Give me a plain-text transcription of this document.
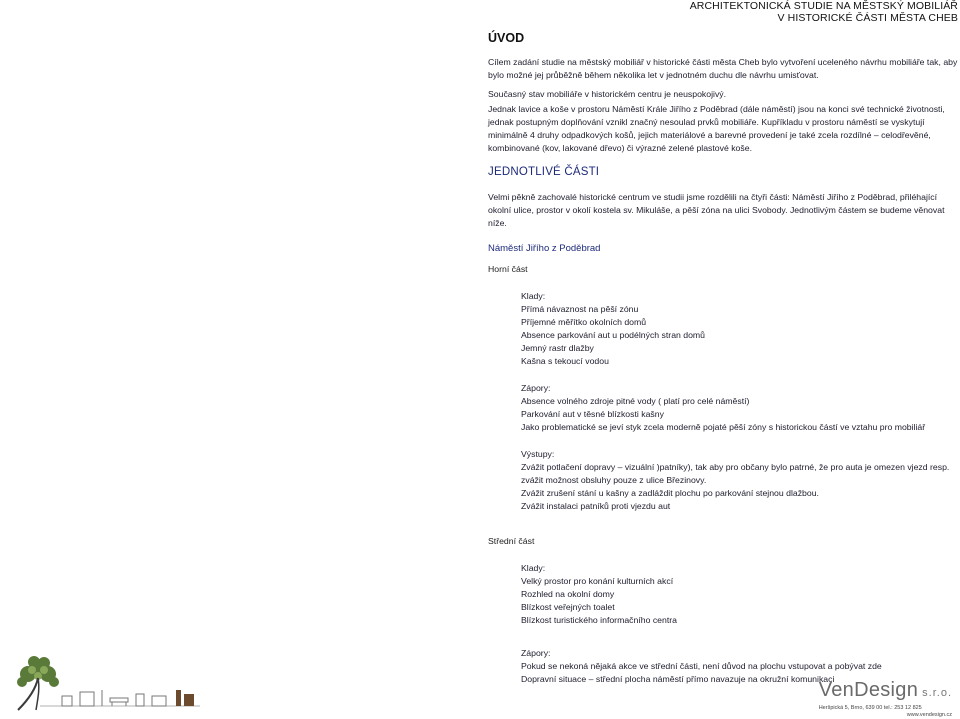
ARCHITEKTONICKÁ STUDIE NA MĚSTSKÝ MOBILIÁŘ
V HISTORICKÉ ČÁSTI MĚSTA CHEB
ÚVOD

Cílem zadání studie na městský mobiliář v historické části města Cheb bylo vytvoření uceleného návrhu mobiliáře tak, aby bylo možné jej průběžně během několika let v jednotném duchu dle návrhu umisťovat.

Současný stav mobiliáře v historickém centru je neuspokojivý.

Jednak lavice a koše v prostoru Náměstí Krále Jiřího z Poděbrad (dále náměstí) jsou na konci své technické životnosti, jednak postupným doplňování vznikl značný nesoulad prvků mobiliáře. Kupříkladu v prostoru náměstí se vyskytují minimálně 4 druhy odpadkových košů, jejich materiálové a barevné provedení je také zcela rozdílné – celodřevěné, kombinované (kov, lakované dřevo) či výrazné zelené plastové koše.

JEDNOTLIVÉ ČÁSTI

Velmi pěkně zachovalé historické centrum ve studii jsme rozdělili na čtyři části: Náměstí Jiřího z Poděbrad, přiléhající okolní ulice, prostor v okolí kostela sv. Mikuláše, a pěší zóna na ulici Svobody. Jednotlivým částem se budeme věnovat níže.

Náměstí Jiřího z Poděbrad
Horní část
Klady:
Přímá návaznost na pěší zónu
Příjemné měřítko okolních domů
Absence parkování aut u podélných stran domů
Jemný rastr dlažby
Kašna s tekoucí vodou
Zápory:
Absence volného zdroje pitné vody ( platí pro celé náměstí)
Parkování aut v těsné blízkosti kašny
Jako problematické se jeví styk zcela moderně pojaté pěší zóny s historickou částí ve vztahu pro mobiliář
Výstupy:
Zvážit potlačení dopravy – vizuální )patníky), tak aby pro občany bylo patrné, že pro auta je omezen vjezd resp. zvážit možnost obsluhy pouze z ulice Březinovy.
Zvážit zrušení stání u kašny a zadláždit plochu po parkování stejnou dlažbou.
Zvážit instalaci patníků proti vjezdu aut
Střední část
Klady:
Velký prostor pro konání kulturních akcí
Rozhled na okolní domy
Blízkost veřejných toalet
Blízkost turistického informačního centra
Zápory:
Pokud se nekoná nějaká akce ve střední části, není důvod na plochu vstupovat a pobývat zde
Dopravní situace – střední plocha náměstí přímo navazuje na okružní komunikaci
VenDesign s.r.o.
Heršpická 5, Brno, 639 00 tel.: 253 12 825
www.vendesign.cz
